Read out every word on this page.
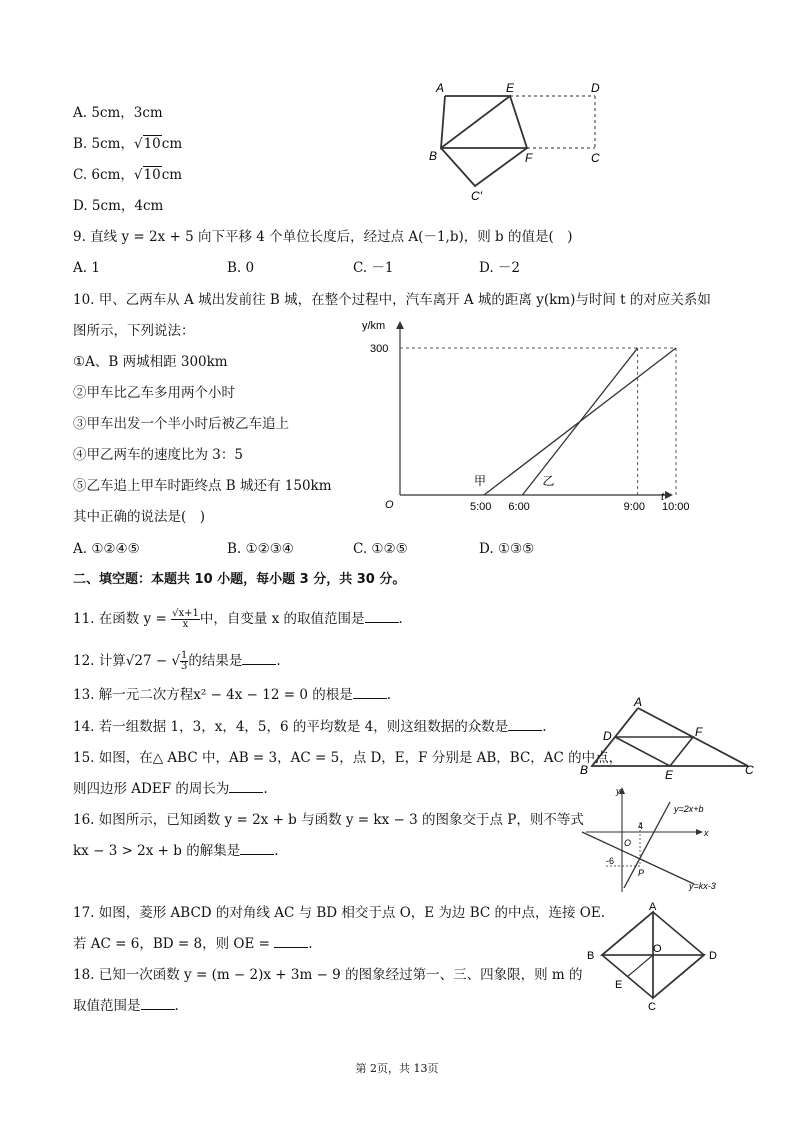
A. 5cm，3cm
B. 5cm，√10cm
C. 6cm，√10cm
D. 5cm，4cm
A	E	D
B	F	C
C'
9. 直线 y = 2x + 5 向下平移 4 个单位长度后，经过点 A(－1,b)，则 b 的值是(　)
A. 1	B. 0	C. －1	D. －2
10. 甲、乙两车从 A 城出发前往 B 城，在整个过程中，汽车离开 A 城的距离 y(km)与时间 t 的对应关系如
图所示，下列说法：
①A、B 两城相距 300km
②甲车比乙车多用两个小时
③甲车出发一个半小时后被乙车追上
④甲乙两车的速度比为 3：5
⑤乙车追上甲车时距终点 B 城还有 150km
其中正确的说法是(　)
A. ①②④⑤	B. ①②③④	C. ①②⑤	D. ①③⑤
y/km
t
O
甲	乙
300
5:00 6:00	9:00 10:00
二、填空题：本题共 10 小题，每小题 3 分，共 30 分。
11. 在函数 $y = \frac{√x+1}{x}$ 中，自变量 x 的取值范围是	.
12. 计算√27 − √ $\frac{1}{3}$ 的结果是	.
13. 解一元二次方程x² − 4x − 12 = 0 的根是	.
14. 若一组数据 1，3，x，4，5，6 的平均数是 4，则这组数据的众数是	.
A
D	F
B	E	C
15. 如图，在△ ABC 中，AB = 3，AC = 5，点 D，E，F 分别是 AB，BC，AC 的中点，
则四边形 ADEF 的周长为	.	y
x
O
4
-6
P
y=2x+b
y=kx-3
16. 如图所示，已知函数 y = 2x + b 与函数 y = kx − 3 的图象交于点 P，则不等式
kx − 3 > 2x + b 的解集是	.
A
B
O
D
E
C
17. 如图，菱形 ABCD 的对角线 AC 与 BD 相交于点 O，E 为边 BC 的中点，连接 OE.
若 AC = 6，BD = 8，则 OE =	.
18. 已知一次函数 y = (m − 2)x + 3m − 9 的图象经过第一、三、四象限，则 m 的
取值范围是	.
第 2页，共 13页
